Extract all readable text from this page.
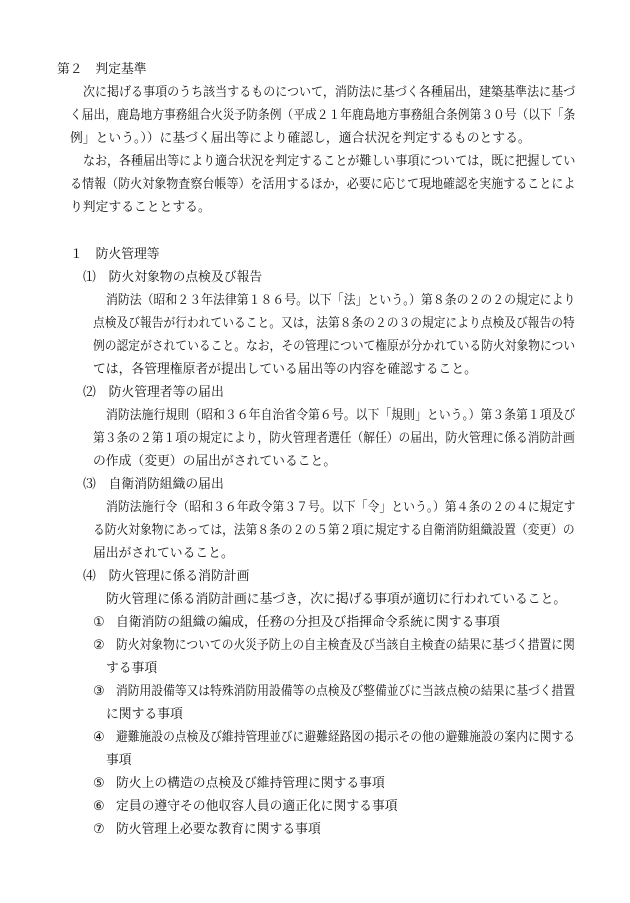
第２　判定基準
次に掲げる事項のうち該当するものについて，消防法に基づく各種届出，建築基準法に基づ
く届出，鹿島地方事務組合火災予防条例（平成２１年鹿島地方事務組合条例第３０号（以下「条
例」という。））に基づく届出等により確認し，適合状況を判定するものとする。
なお，各種届出等により適合状況を判定することが難しい事項については，既に把握してい
る情報（防火対象物査察台帳等）を活用するほか，必要に応じて現地確認を実施することによ
り判定することとする。
１　防火管理等
⑴　防火対象物の点検及び報告
消防法（昭和２３年法律第１８６号。以下「法」という。）第８条の２の２の規定により
点検及び報告が行われていること。又は，法第８条の２の３の規定により点検及び報告の特
例の認定がされていること。なお，その管理について権原が分かれている防火対象物につい
ては，各管理権原者が提出している届出等の内容を確認すること。
⑵　防火管理者等の届出
消防法施行規則（昭和３６年自治省令第６号。以下「規則」という。）第３条第１項及び
第３条の２第１項の規定により，防火管理者選任（解任）の届出，防火管理に係る消防計画
の作成（変更）の届出がされていること。
⑶　自衛消防組織の届出
消防法施行令（昭和３６年政令第３７号。以下「令」という。）第４条の２の４に規定す
る防火対象物にあっては，法第８条の２の５第２項に規定する自衛消防組織設置（変更）の
届出がされていること。
⑷　防火管理に係る消防計画
防火管理に係る消防計画に基づき，次に掲げる事項が適切に行われていること。
① 自衛消防の組織の編成，任務の分担及び指揮命令系統に関する事項
② 防火対象物についての火災予防上の自主検査及び当該自主検査の結果に基づく措置に関
する事項
③ 消防用設備等又は特殊消防用設備等の点検及び整備並びに当該点検の結果に基づく措置
に関する事項
④ 避難施設の点検及び維持管理並びに避難経路図の掲示その他の避難施設の案内に関する
事項
⑤ 防火上の構造の点検及び維持管理に関する事項
⑥ 定員の遵守その他収容人員の適正化に関する事項
⑦ 防火管理上必要な教育に関する事項
